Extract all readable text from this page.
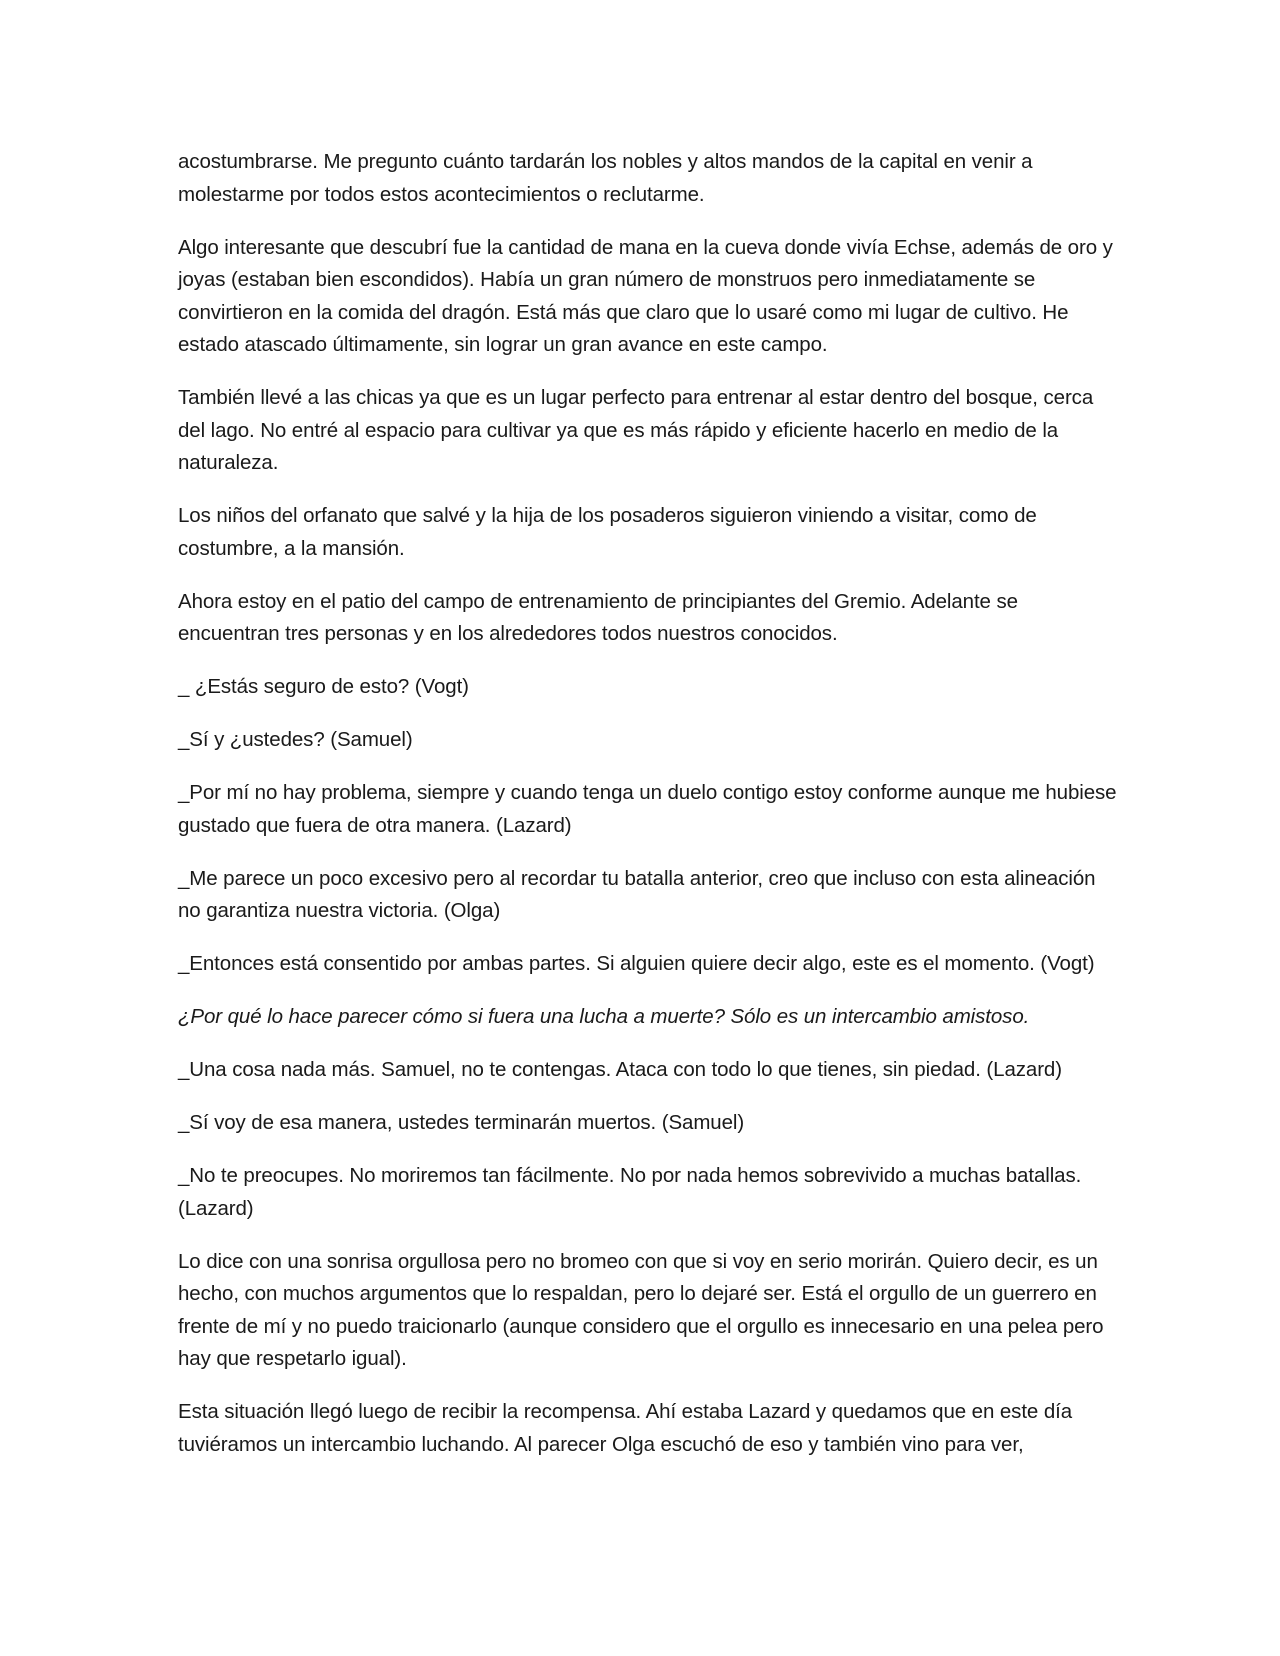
acostumbrarse. Me pregunto cuánto tardarán los nobles y altos mandos de la capital en venir a molestarme por todos estos acontecimientos o reclutarme.

Algo interesante que descubrí fue la cantidad de mana en la cueva donde vivía Echse, además de oro y joyas (estaban bien escondidos). Había un gran número de monstruos pero inmediatamente se convirtieron en la comida del dragón. Está más que claro que lo usaré como mi lugar de cultivo. He estado atascado últimamente, sin lograr un gran avance en este campo.

También llevé a las chicas ya que es un lugar perfecto para entrenar al estar dentro del bosque, cerca del lago. No entré al espacio para cultivar ya que es más rápido y eficiente hacerlo en medio de la naturaleza.

Los niños del orfanato que salvé y la hija de los posaderos siguieron viniendo a visitar, como de costumbre, a la mansión.

Ahora estoy en el patio del campo de entrenamiento de principiantes del Gremio. Adelante se encuentran tres personas y en los alrededores todos nuestros conocidos.

_ ¿Estás seguro de esto? (Vogt)

_Sí y ¿ustedes? (Samuel)

_Por mí no hay problema, siempre y cuando tenga un duelo contigo estoy conforme aunque me hubiese gustado que fuera de otra manera. (Lazard)

_Me parece un poco excesivo pero al recordar tu batalla anterior, creo que incluso con esta alineación no garantiza nuestra victoria. (Olga)

_Entonces está consentido por ambas partes. Si alguien quiere decir algo, este es el momento. (Vogt)

¿Por qué lo hace parecer cómo si fuera una lucha a muerte? Sólo es un intercambio amistoso.

_Una cosa nada más. Samuel, no te contengas. Ataca con todo lo que tienes, sin piedad. (Lazard)

_Sí voy de esa manera, ustedes terminarán muertos. (Samuel)

_No te preocupes. No moriremos tan fácilmente. No por nada hemos sobrevivido a muchas batallas. (Lazard)

Lo dice con una sonrisa orgullosa pero no bromeo con que si voy en serio morirán. Quiero decir, es un hecho, con muchos argumentos que lo respaldan, pero lo dejaré ser. Está el orgullo de un guerrero en frente de mí y no puedo traicionarlo (aunque considero que el orgullo es innecesario en una pelea pero hay que respetarlo igual).

Esta situación llegó luego de recibir la recompensa. Ahí estaba Lazard y quedamos que en este día tuviéramos un intercambio luchando. Al parecer Olga escuchó de eso y también vino para ver,
